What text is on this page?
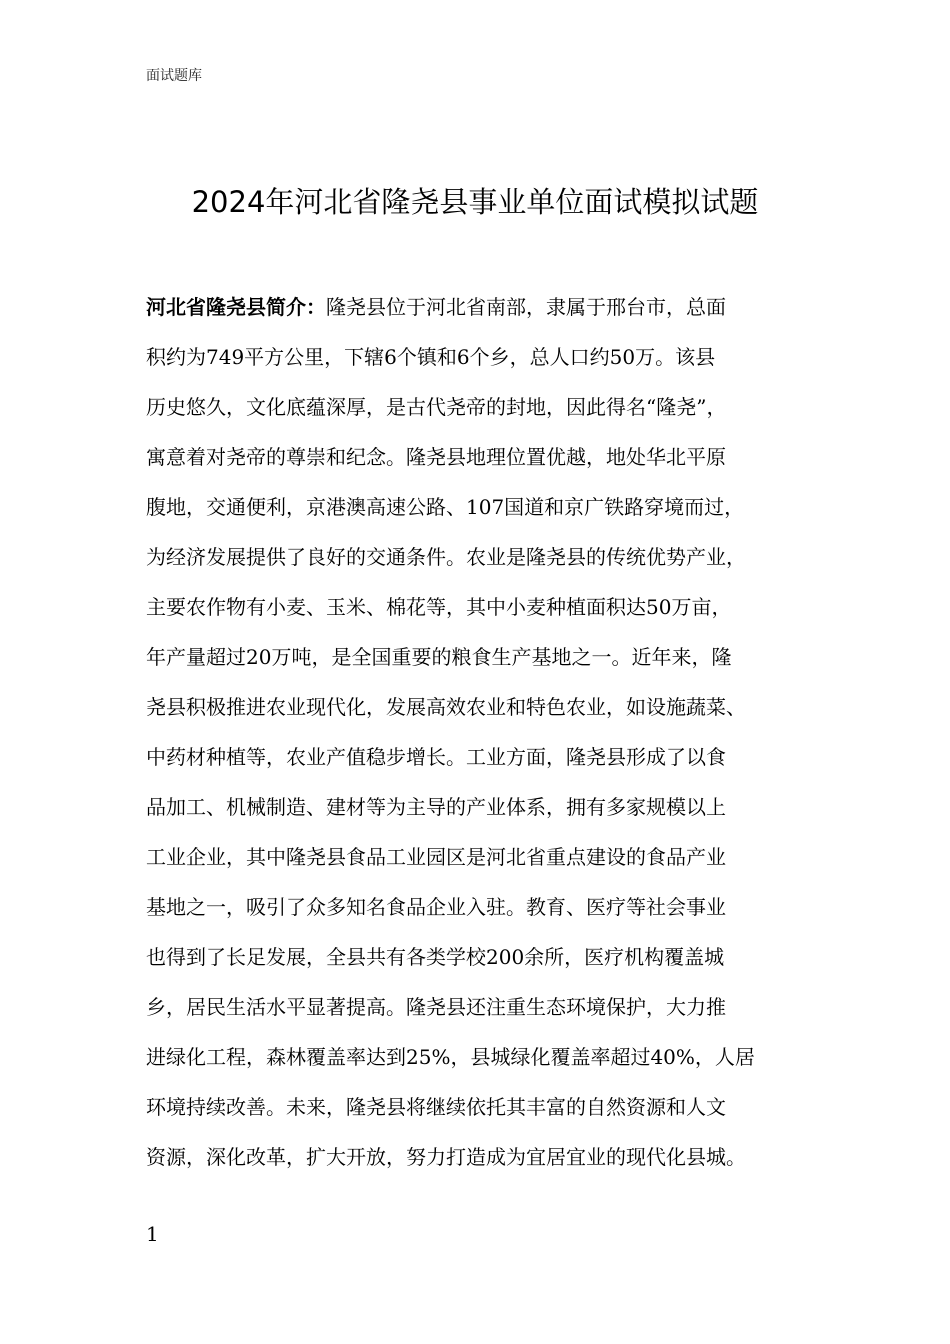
面试题库
2024年河北省隆尧县事业单位面试模拟试题

河北省隆尧县简介：隆尧县位于河北省南部，隶属于邢台市，总面
积约为749平方公里，下辖6个镇和6个乡，总人口约50万。该县
历史悠久，文化底蕴深厚，是古代尧帝的封地，因此得名“隆尧”，
寓意着对尧帝的尊崇和纪念。隆尧县地理位置优越，地处华北平原
腹地，交通便利，京港澳高速公路、107国道和京广铁路穿境而过，
为经济发展提供了良好的交通条件。农业是隆尧县的传统优势产业，
主要农作物有小麦、玉米、棉花等，其中小麦种植面积达50万亩，
年产量超过20万吨，是全国重要的粮食生产基地之一。近年来，隆
尧县积极推进农业现代化，发展高效农业和特色农业，如设施蔬菜、
中药材种植等，农业产值稳步增长。工业方面，隆尧县形成了以食
品加工、机械制造、建材等为主导的产业体系，拥有多家规模以上
工业企业，其中隆尧县食品工业园区是河北省重点建设的食品产业
基地之一，吸引了众多知名食品企业入驻。教育、医疗等社会事业
也得到了长足发展，全县共有各类学校200余所，医疗机构覆盖城
乡，居民生活水平显著提高。隆尧县还注重生态环境保护，大力推
进绿化工程，森林覆盖率达到25%，县城绿化覆盖率超过40%，人居
环境持续改善。未来，隆尧县将继续依托其丰富的自然资源和人文
资源，深化改革，扩大开放，努力打造成为宜居宜业的现代化县城。

1
